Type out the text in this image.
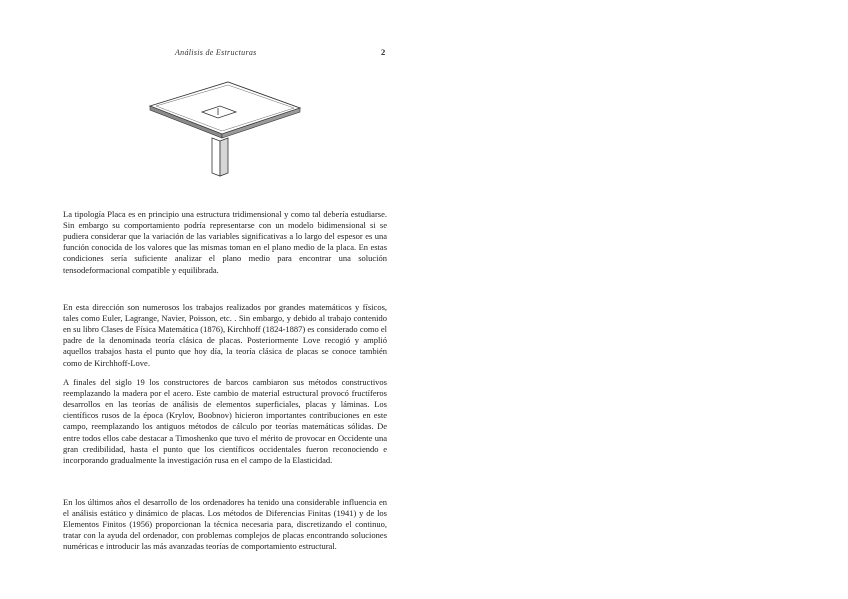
Análisis de Estructuras	2

La tipología Placa es en principio una estructura tridimensional y como tal debería estudiarse. Sin embargo su comportamiento podría representarse con un modelo bidimensional si se pudiera considerar que la variación de las variables significativas a lo largo del espesor es una función conocida de los valores que las mismas toman en el plano medio de la placa. En estas condiciones sería suficiente analizar el plano medio para encontrar una solución tensodeformacional compatible y equilibrada.

En esta dirección son numerosos los trabajos realizados por grandes matemáticos y físicos, tales como Euler, Lagrange, Navier, Poisson, etc. . Sin embargo, y debido al trabajo contenido en su libro Clases de Física Matemática (1876), Kirchhoff (1824-1887) es considerado como el padre de la denominada teoría clásica de placas. Posteriormente Love recogió y amplió aquellos trabajos hasta el punto que hoy día, la teoría clásica de placas se conoce también como de Kirchhoff-Love.

A finales del siglo 19 los constructores de barcos cambiaron sus métodos constructivos reemplazando la madera por el acero. Este cambio de material estructural provocó fructíferos desarrollos en las teorías de análisis de elementos superficiales, placas y láminas. Los científicos rusos de la época (Krylov, Boobnov) hicieron importantes contribuciones en este campo, reemplazando los antiguos métodos de cálculo por teorías matemáticas sólidas. De entre todos ellos cabe destacar a Timoshenko que tuvo el mérito de provocar en Occidente una gran credibilidad, hasta el punto que los científicos occidentales fueron reconociendo e incorporando gradualmente la investigación rusa en el campo de la Elasticidad.

En los últimos años el desarrollo de los ordenadores ha tenido una considerable influencia en el análisis estático y dinámico de placas. Los métodos de Diferencias Finitas (1941) y de los Elementos Finitos (1956) proporcionan la técnica necesaria para, discretizando el continuo, tratar con la ayuda del ordenador, con problemas complejos de placas encontrando soluciones numéricas e introducir las más avanzadas teorías de comportamiento estructural.
